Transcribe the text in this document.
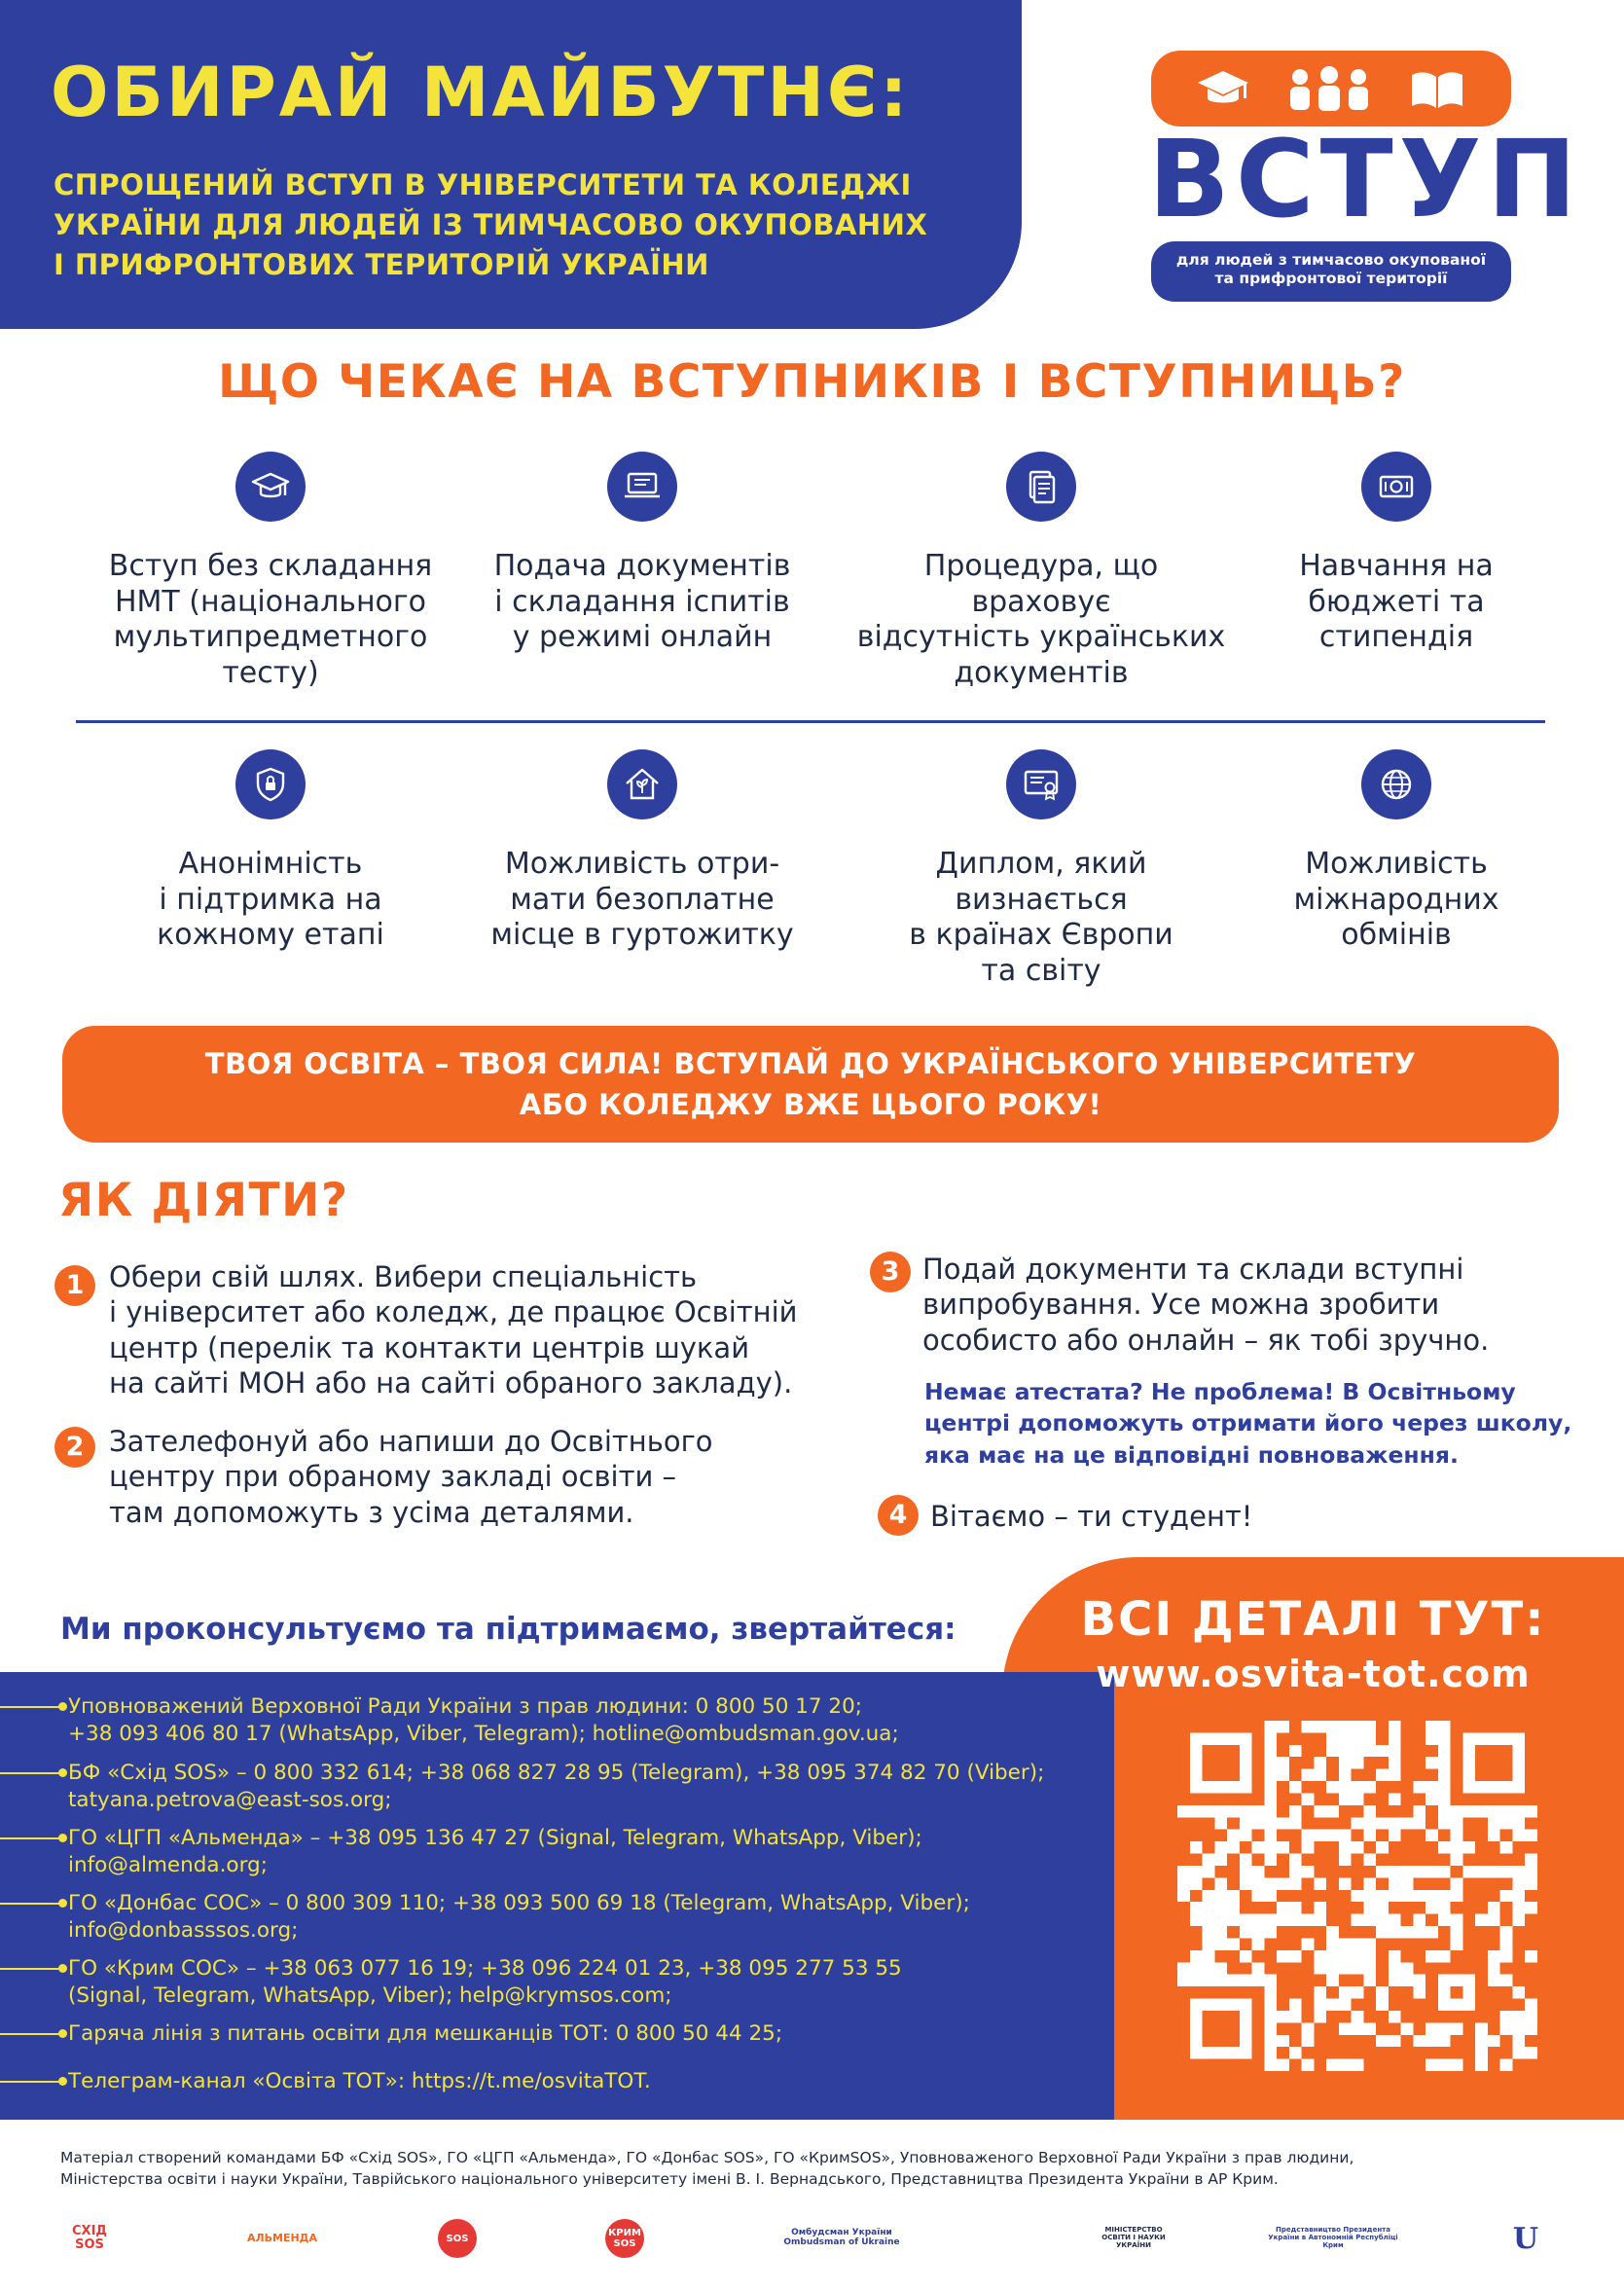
ОБИРАЙ МАЙБУТНЄ:
СПРОЩЕНИЙ ВСТУП В УНІВЕРСИТЕТИ ТА КОЛЕДЖІ
УКРАЇНИ ДЛЯ ЛЮДЕЙ ІЗ ТИМЧАСОВО ОКУПОВАНИХ
І ПРИФРОНТОВИХ ТЕРИТОРІЙ УКРАЇНИ
ВСТУП
для людей з тимчасово окупованої
та прифронтової території
ЩО ЧЕКАЄ НА ВСТУПНИКІВ І ВСТУПНИЦЬ?
Вступ без складання
НМТ (національного
мультипредметного
тесту)
Подача документів
і складання іспитів
у режимі онлайн
Процедура, що враховує
відсутність українських
документів
Навчання на
бюджеті та
стипендія
Анонімність
і підтримка на
кожному етапі
Можливість отри-
мати безоплатне
місце в гуртожитку
Диплом, який
визнається
в країнах Європи
та світу
Можливість
міжнародних
обмінів
ТВОЯ ОСВІТА – ТВОЯ СИЛА! ВСТУПАЙ ДО УКРАЇНСЬКОГО УНІВЕРСИТЕТУ
АБО КОЛЕДЖУ ВЖЕ ЦЬОГО РОКУ!
ЯК ДІЯТИ?
1 Обери свій шлях. Вибери спеціальність
і університет або коледж, де працює Освітній
центр (перелік та контакти центрів шукай
на сайті МОН або на сайті обраного закладу).
2 Зателефонуй або напиши до Освітнього
центру при обраному закладі освіти –
там допоможуть з усіма деталями.
3 Подай документи та склади вступні
випробування. Усе можна зробити
особисто або онлайн – як тобі зручно.
Немає атестата? Не проблема! В Освітньому
центрі допоможуть отримати його через школу,
яка має на це відповідні повноваження.
4 Вітаємо – ти студент!
Ми проконсультуємо та підтримаємо, звертайтеся:
Уповноважений Верховної Ради України з прав людини: 0 800 50 17 20;
+38 093 406 80 17 (WhatsApp, Viber, Telegram); hotline@ombudsman.gov.ua;
БФ «Схід SOS» – 0 800 332 614; +38 068 827 28 95 (Telegram), +38 095 374 82 70 (Viber);
tatyana.petrova@east-sos.org;
ГО «ЦГП «Альменда» – +38 095 136 47 27 (Signal, Telegram, WhatsApp, Viber);
info@almenda.org;
ГО «Донбас СОС» – 0 800 309 110; +38 093 500 69 18 (Telegram, WhatsApp, Viber);
info@donbasssos.org;
ГО «Крим СОС» – +38 063 077 16 19; +38 096 224 01 23, +38 095 277 53 55
(Signal, Telegram, WhatsApp, Viber); help@krymsos.com;
Гаряча лінія з питань освіти для мешканців ТОТ: 0 800 50 44 25;
Телеграм-канал «Освіта ТОТ»: https://t.me/osvitaTOT.
ВСІ ДЕТАЛІ ТУТ:
www.osvita-tot.com
Матеріал створений командами БФ «Схід SOS», ГО «ЦГП «Альменда», ГО «Донбас SOS», ГО «КримSOS», Уповноваженого Верховної Ради України з прав людини,
Міністерства освіти і науки України, Таврійського національного університету імені В. І. Вернадського, Представництва Президента України в АР Крим.
СХІД SOS	АЛЬМЕНДА	SOS	КРИМ SOS
Омбудсман України Ombudsman of Ukraine
МІНІСТЕРСТВО ОСВІТИ І НАУКИ УКРАЇНИ
Представництво Президента України в Автономній Республіці Крим	U
